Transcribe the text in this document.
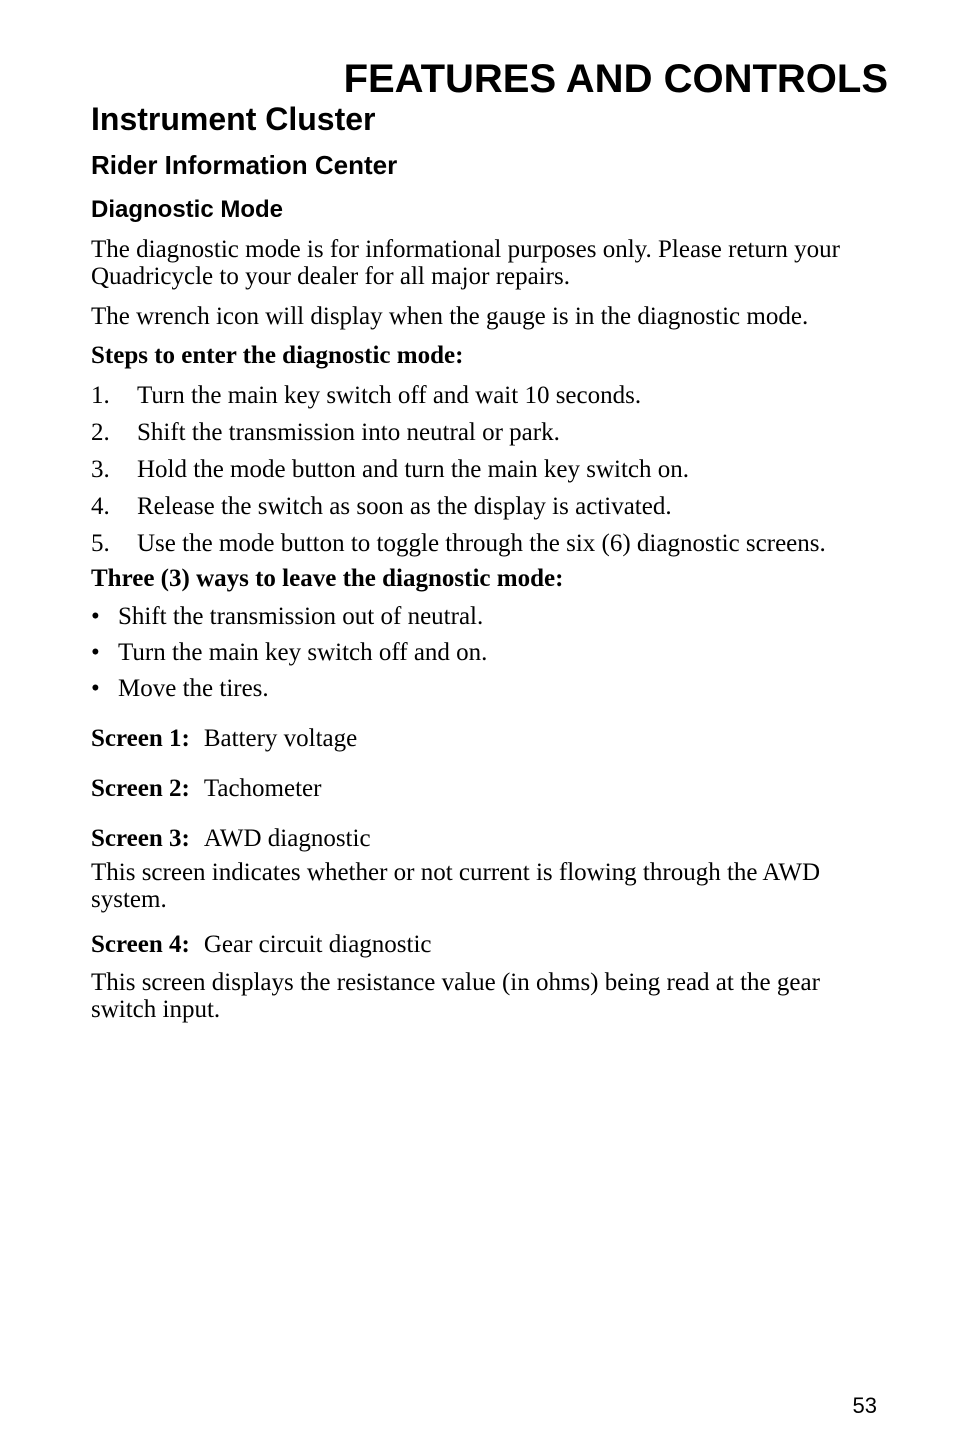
FEATURES AND CONTROLS
Instrument Cluster
Rider Information Center
Diagnostic Mode

The diagnostic mode is for informational purposes only. Please return your Quadricycle to your dealer for all major repairs.

The wrench icon will display when the gauge is in the diagnostic mode.

Steps to enter the diagnostic mode:

1.	Turn the main key switch off and wait 10 seconds.
2.	Shift the transmission into neutral or park.
3.	Hold the mode button and turn the main key switch on.
4.	Release the switch as soon as the display is activated.
5.	Use the mode button to toggle through the six (6) diagnostic screens.

Three (3) ways to leave the diagnostic mode:

• Shift the transmission out of neutral.
• Turn the main key switch off and on.
• Move the tires.

Screen 1: Battery voltage

Screen 2: Tachometer

Screen 3: AWD diagnostic

This screen indicates whether or not current is flowing through the AWD system.

Screen 4: Gear circuit diagnostic

This screen displays the resistance value (in ohms) being read at the gear switch input.

53
